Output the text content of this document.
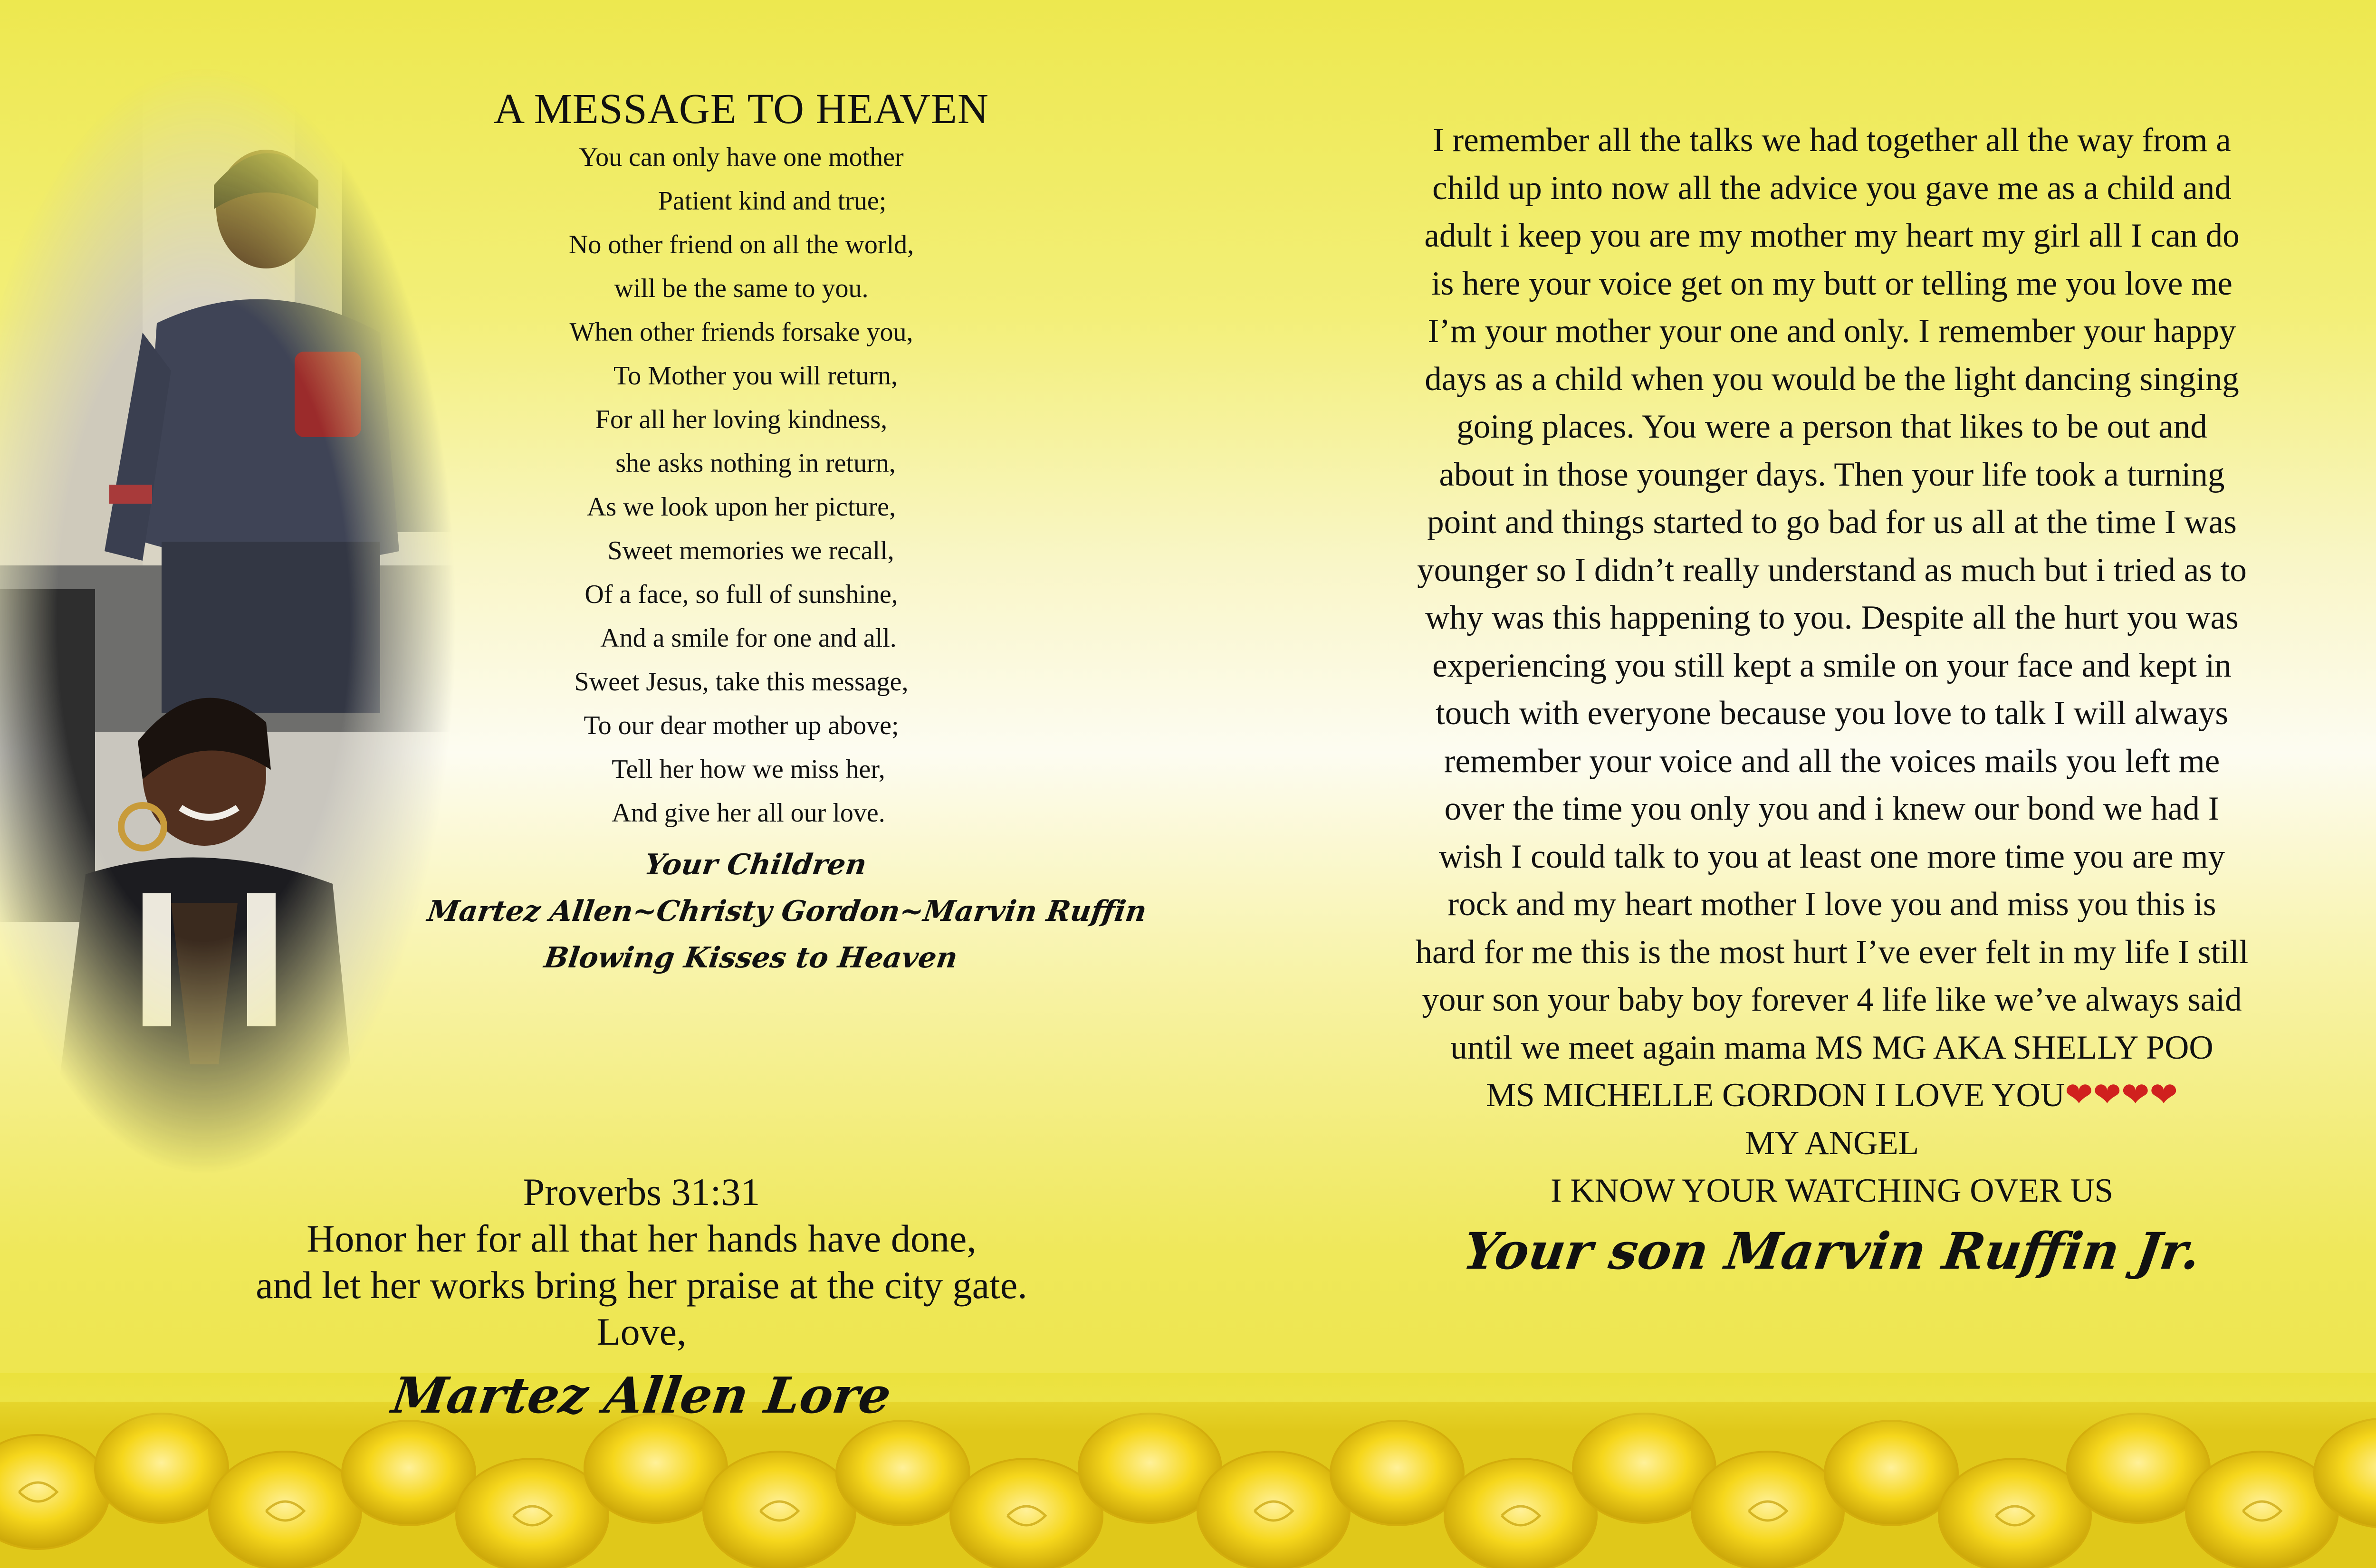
A MESSAGE TO HEAVEN
You can only have one mother
Patient kind and true;
No other friend on all the world,
will be the same to you.
When other friends forsake you,
To Mother you will return,
For all her loving kindness,
she asks nothing in return,
As we look upon her picture,
Sweet memories we recall,
Of a face, so full of sunshine,
And a smile for one and all.
Sweet Jesus, take this message,
To our dear mother up above;
Tell her how we miss her,
And give her all our love.
Your Children
Martez Allen~Christy Gordon~Marvin Ruffin
Blowing Kisses to Heaven
Proverbs 31:31
Honor her for all that her hands have done,
and let her works bring her praise at the city gate.
Love,
Martez Allen Lore
I remember all the talks we had together all the way from a
child up into now all the advice you gave me as a child and
adult i keep you are my mother my heart my girl all I can do
is here your voice get on my butt or telling me you love me
I’m your mother your one and only. I remember your happy
days as a child when you would be the light dancing singing
going places. You were a person that likes to be out and
about in those younger days. Then your life took a turning
point and things started to go bad for us all at the time I was
younger so I didn’t really understand as much but i tried as to
why was this happening to you. Despite all the hurt you was
experiencing you still kept a smile on your face and kept in
touch with everyone because you love to talk I will always
remember your voice and all the voices mails you left me
over the time you only you and i knew our bond we had I
wish I could talk to you at least one more time you are my
rock and my heart mother I love you and miss you this is
hard for me this is the most hurt I’ve ever felt in my life I still
your son your baby boy forever 4 life like we’ve always said
until we meet again mama MS MG AKA SHELLY POO
MS MICHELLE GORDON I LOVE YOU❤❤❤❤
MY ANGEL
I KNOW YOUR WATCHING OVER US
Your son Marvin Ruffin Jr.
